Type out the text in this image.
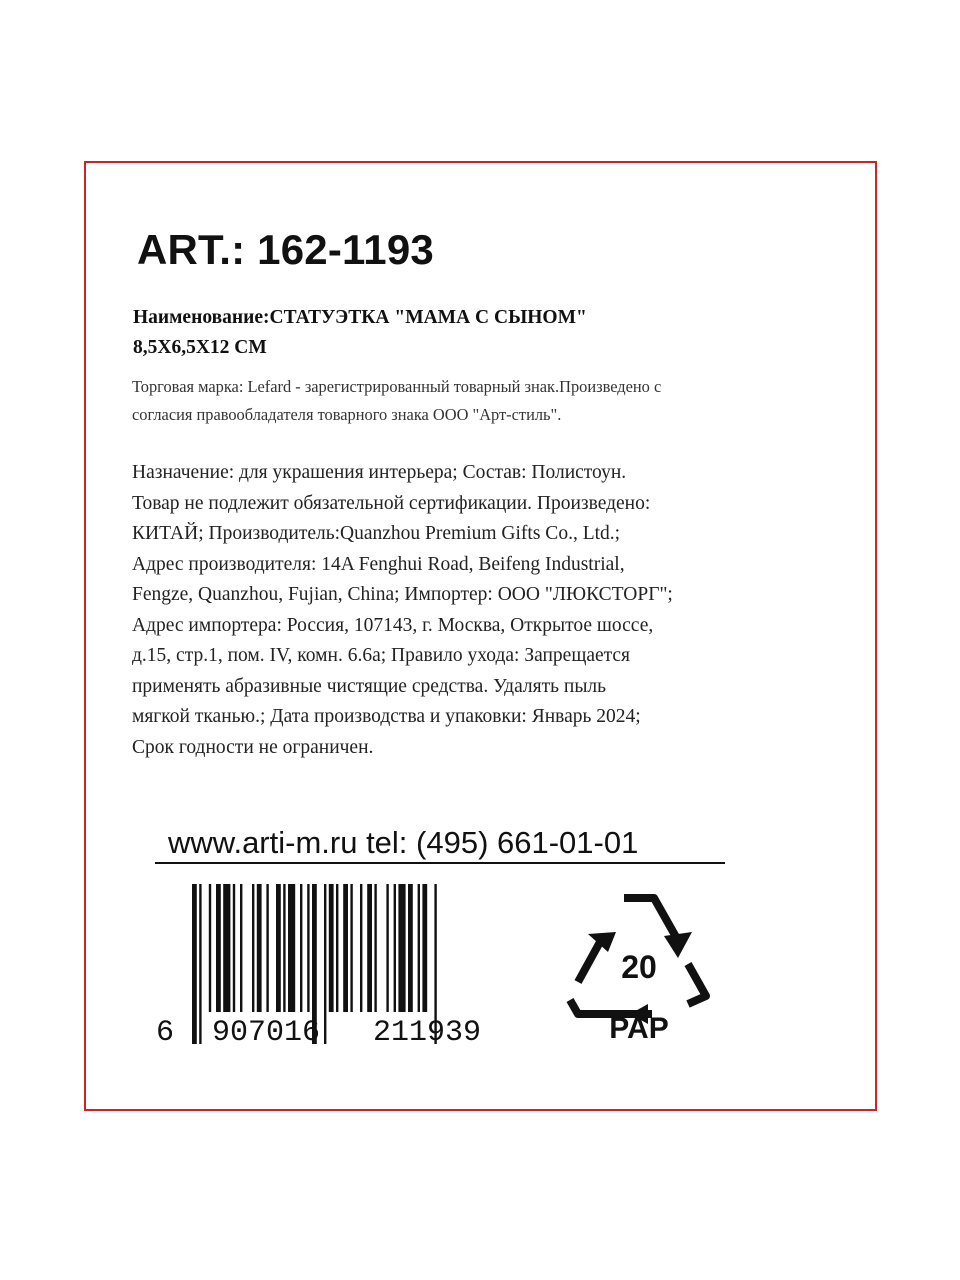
ART.: 162-1193

Наименование:СТАТУЭТКА "МАМА С СЫНОМ"
8,5Х6,5Х12 СМ

Торговая марка: Lefard - зарегистрированный товарный знак.Произведено с
согласия правообладателя товарного знака ООО "Арт-стиль".

Назначение: для украшения интерьера; Состав: Полистоун.
Товар не подлежит обязательной сертификации. Произведено:
КИТАЙ; Производитель:Quanzhou Premium Gifts Co., Ltd.;
Адрес производителя: 14A Fenghui Road, Beifeng Industrial,
Fengze, Quanzhou, Fujian, China; Импортер: ООО "ЛЮКСТОРГ";
Адрес импортера: Россия, 107143, г. Москва, Открытое шоссе,
д.15, стр.1, пом. IV, комн. 6.6а; Правило ухода: Запрещается
применять абразивные чистящие средства. Удалять пыль
мягкой тканью.; Дата производства и упаковки: Январь 2024;
Срок годности не ограничен.

www.arti-m.ru tel: (495) 661-01-01

6 907016 211939
20
PAP
